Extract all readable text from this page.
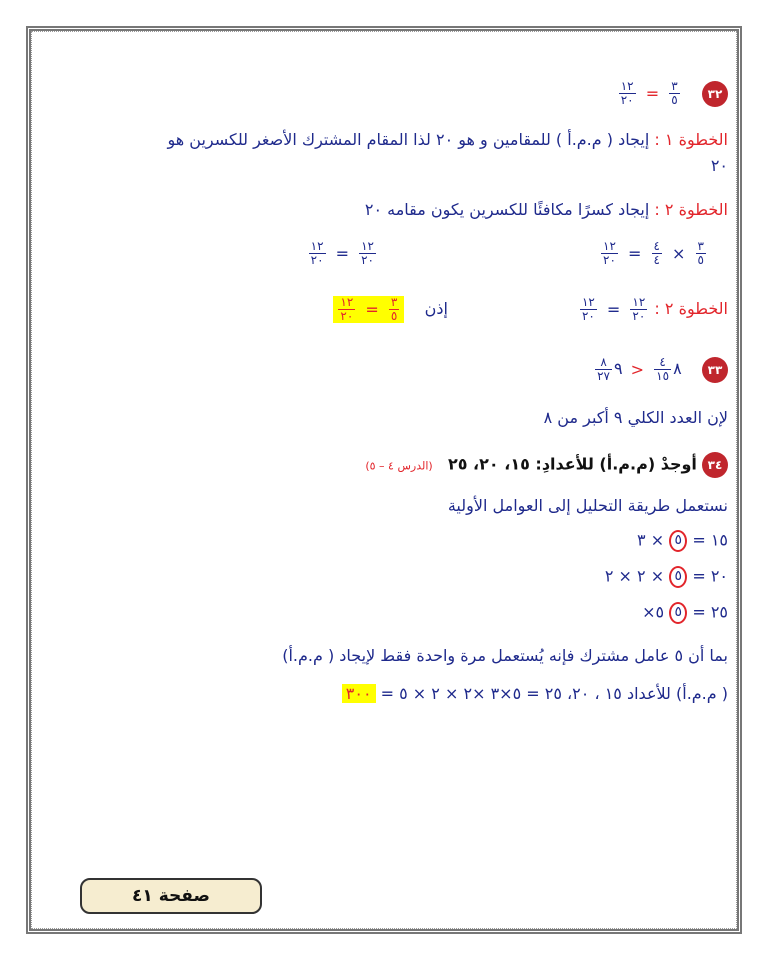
٣٢
$\frac{٣}{٥}$
=
$\frac{١٢}{٢٠}$
الخطوة ١ : إيجاد ( م.م.أ ) للمقامين و هو ٢٠ لذا المقام المشترك الأصغر للكسرين هو
٢٠
الخطوة ٢ : إيجاد كسرًا مكافئًا للكسرين يكون مقامه ٢٠
$\frac{١٢}{٢٠} = \frac{٤}{٤} \times \frac{٣}{٥}$
$\frac{١٢}{٢٠} = \frac{١٢}{٢٠}$
الخطوة ٢ :
$\frac{١٢}{٢٠}$
=
$\frac{١٢}{٢٠}$
إذن
$\frac{٣}{٥}$
=
$\frac{١٢}{٢٠}$
٣٣    ٨
$\frac{٤}{١٥}$
< ٩
$\frac{٨}{٢٧}$
لإن العدد الكلي ٩ أكبر من ٨
٣٤ أوجدْ (م.م.أ) للأعدادِ: ١٥، ٢٠، ٢٥   (الدرس ٤ – ٥)
نستعمل طريقة التحليل إلى العوامل الأولية
١٥ = ٥ × ٣
٢٠ = ٥ × ٢ × ٢
٢٥ = ٥ ٥×
بما أن ٥ عامل مشترك فإنه يُستعمل مرة واحدة فقط لإيجاد ( م.م.أ)
( م.م.أ) للأعداد ١٥ ، ٢٠، ٢٥ = ٥×٣ ×٢ × ٢ × ٥ = ٣٠٠
صفحة ٤١
